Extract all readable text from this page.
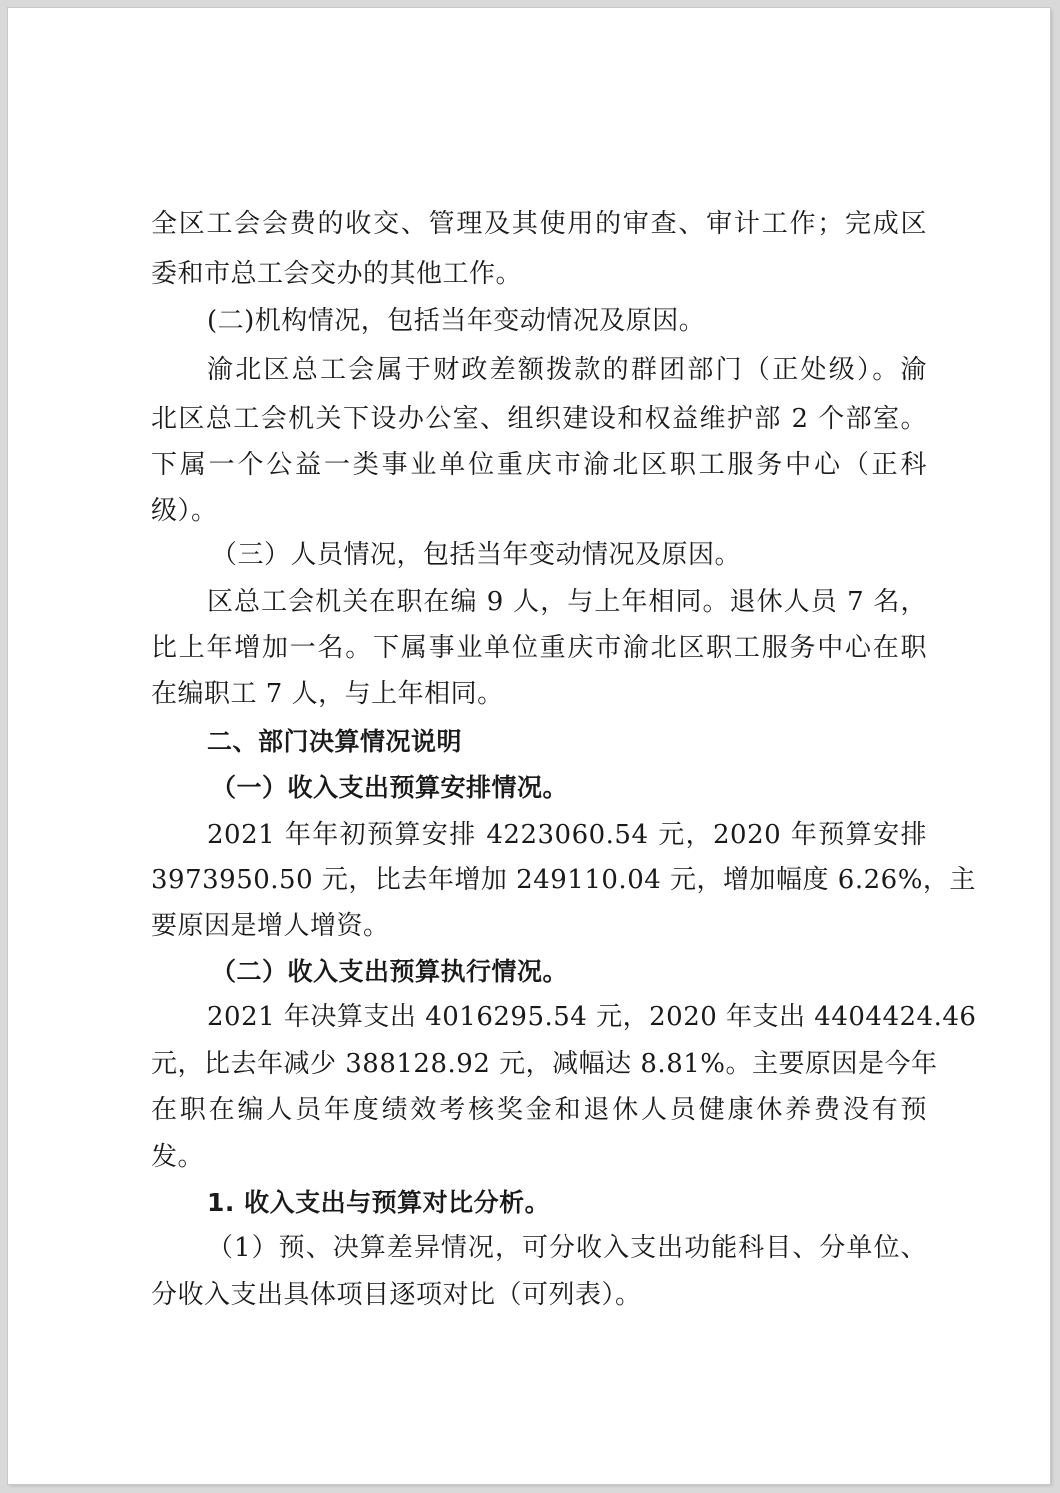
全区工会会费的收交、管理及其使用的审查、审计工作；完成区
委和市总工会交办的其他工作。
(二)机构情况，包括当年变动情况及原因。
渝北区总工会属于财政差额拨款的群团部门（正处级）。渝
北区总工会机关下设办公室、组织建设和权益维护部 2 个部室。
下属一个公益一类事业单位重庆市渝北区职工服务中心（正科
级）。
（三）人员情况，包括当年变动情况及原因。
区总工会机关在职在编 9 人，与上年相同。退休人员 7 名，
比上年增加一名。下属事业单位重庆市渝北区职工服务中心在职
在编职工 7 人，与上年相同。
二、部门决算情况说明
（一）收入支出预算安排情况。
2021 年年初预算安排 4223060.54 元，2020 年预算安排
3973950.50 元，比去年增加 249110.04 元，增加幅度 6.26%，主
要原因是增人增资。
（二）收入支出预算执行情况。
2021 年决算支出 4016295.54 元，2020 年支出 4404424.46
元，比去年减少 388128.92 元，减幅达 8.81%。主要原因是今年
在职在编人员年度绩效考核奖金和退休人员健康休养费没有预
发。
1. 收入支出与预算对比分析。
（1）预、决算差异情况，可分收入支出功能科目、分单位、
分收入支出具体项目逐项对比（可列表）。
